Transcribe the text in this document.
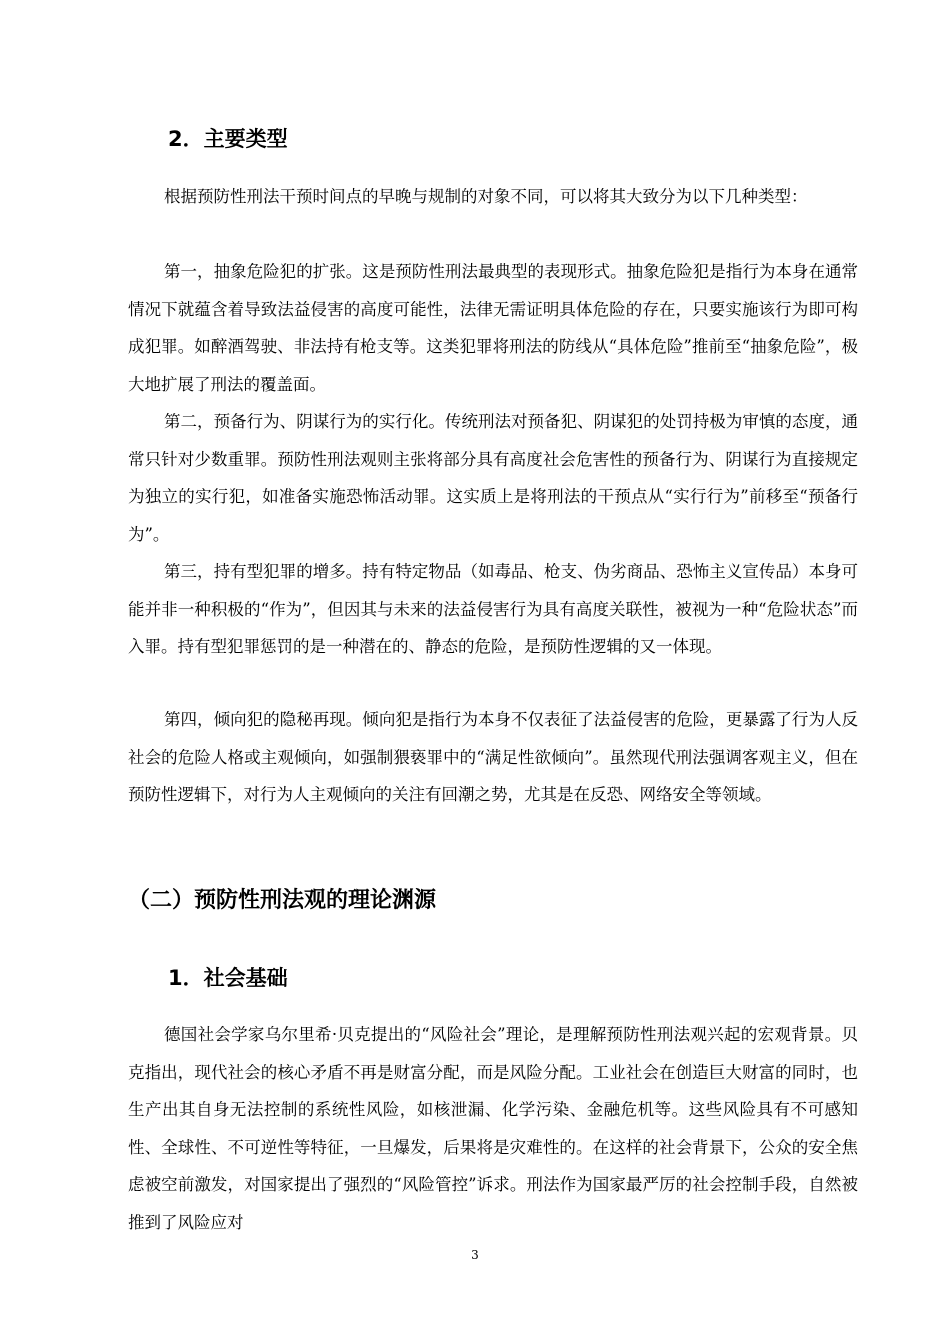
2．主要类型

根据预防性刑法干预时间点的早晚与规制的对象不同，可以将其大致分为以下几种类型：

第一，抽象危险犯的扩张。这是预防性刑法最典型的表现形式。抽象危险犯是指行为本身在通常情况下就蕴含着导致法益侵害的高度可能性，法律无需证明具体危险的存在，只要实施该行为即可构成犯罪。如醉酒驾驶、非法持有枪支等。这类犯罪将刑法的防线从“具体危险”推前至“抽象危险”，极大地扩展了刑法的覆盖面。

第二，预备行为、阴谋行为的实行化。传统刑法对预备犯、阴谋犯的处罚持极为审慎的态度，通常只针对少数重罪。预防性刑法观则主张将部分具有高度社会危害性的预备行为、阴谋行为直接规定为独立的实行犯，如准备实施恐怖活动罪。这实质上是将刑法的干预点从“实行行为”前移至“预备行为”。

第三，持有型犯罪的增多。持有特定物品（如毒品、枪支、伪劣商品、恐怖主义宣传品）本身可能并非一种积极的“作为”，但因其与未来的法益侵害行为具有高度关联性，被视为一种“危险状态”而入罪。持有型犯罪惩罚的是一种潜在的、静态的危险，是预防性逻辑的又一体现。

第四，倾向犯的隐秘再现。倾向犯是指行为本身不仅表征了法益侵害的危险，更暴露了行为人反社会的危险人格或主观倾向，如强制猥亵罪中的“满足性欲倾向”。虽然现代刑法强调客观主义，但在预防性逻辑下，对行为人主观倾向的关注有回潮之势，尤其是在反恐、网络安全等领域。

（二）预防性刑法观的理论渊源
1．社会基础

德国社会学家乌尔里希·贝克提出的“风险社会”理论，是理解预防性刑法观兴起的宏观背景。贝克指出，现代社会的核心矛盾不再是财富分配，而是风险分配。工业社会在创造巨大财富的同时，也生产出其自身无法控制的系统性风险，如核泄漏、化学污染、金融危机等。这些风险具有不可感知性、全球性、不可逆性等特征，一旦爆发，后果将是灾难性的。在这样的社会背景下，公众的安全焦虑被空前激发，对国家提出了强烈的“风险管控”诉求。刑法作为国家最严厉的社会控制手段，自然被推到了风险应对

3
